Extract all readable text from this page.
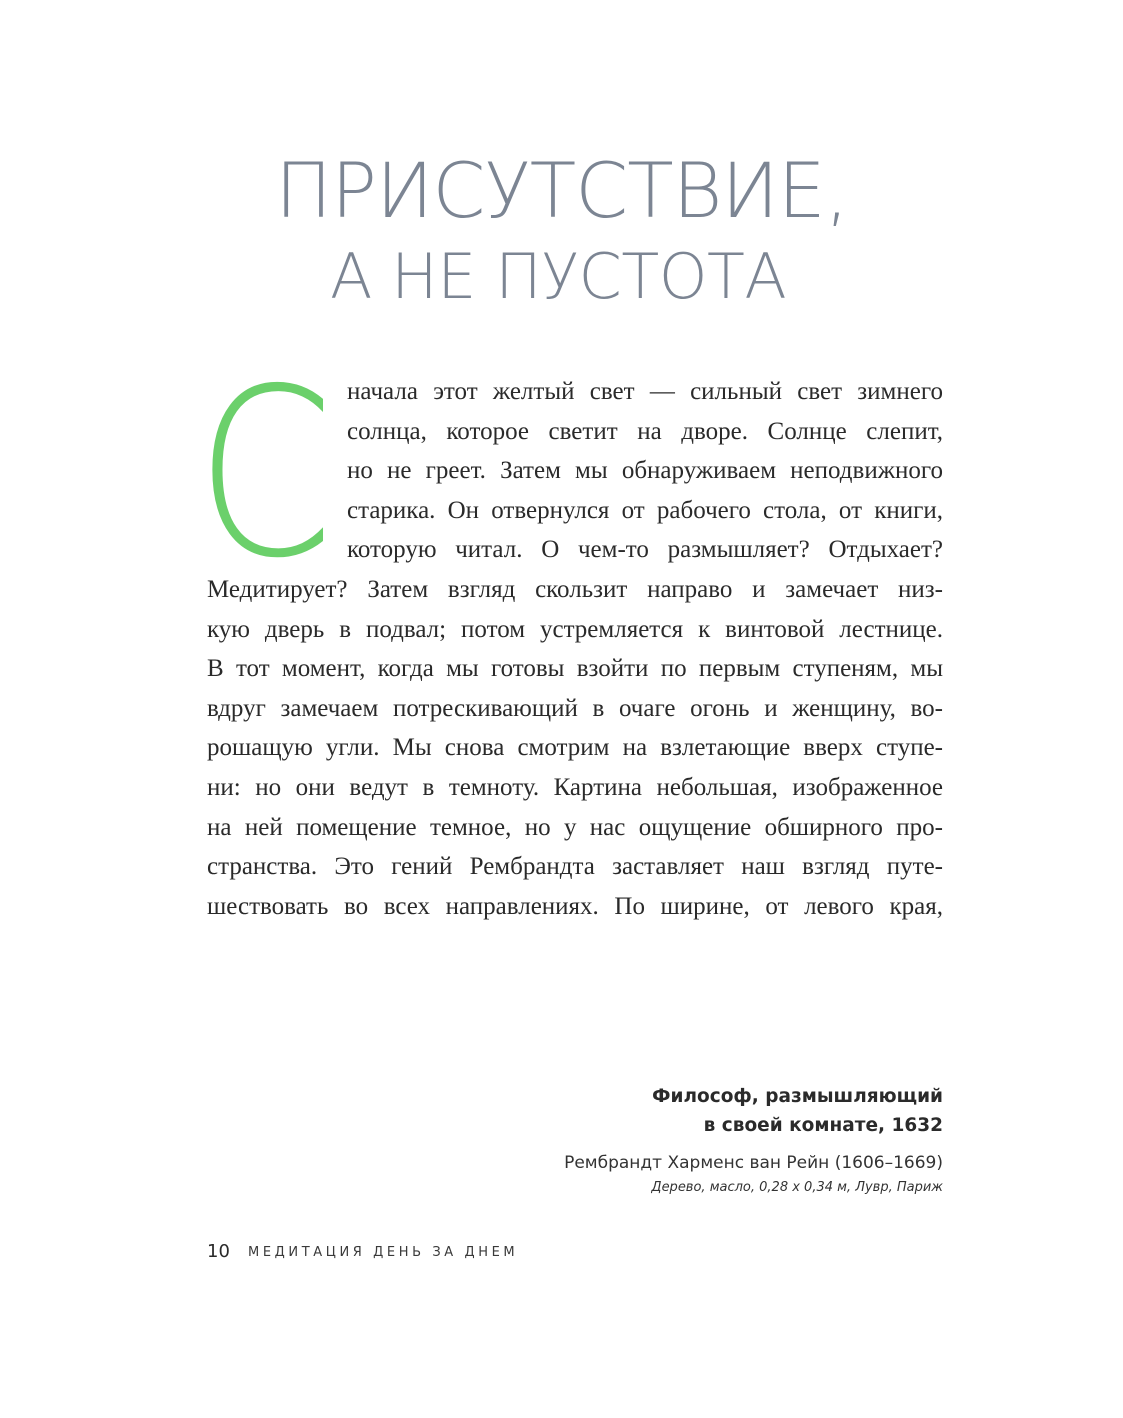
ПРИСУТСТВИЕ,
А НЕ ПУСТОТА
С начала этот желтый свет — сильный свет зимнего
солнца, которое светит на дворе. Солнце слепит,
но не греет. Затем мы обнаруживаем неподвижного
старика. Он отвернулся от рабочего стола, от книги,
которую читал. О чем-то размышляет? Отдыхает?
Медитирует? Затем взгляд скользит направо и замечает низ-
кую дверь в подвал; потом устремляется к винтовой лестнице.
В тот момент, когда мы готовы взойти по первым ступеням, мы
вдруг замечаем потрескивающий в очаге огонь и женщину, во-
рошащую угли. Мы снова смотрим на взлетающие вверх ступе-
ни: но они ведут в темноту. Картина небольшая, изображенное
на ней помещение темное, но у нас ощущение обширного про-
странства. Это гений Рембрандта заставляет наш взгляд путе-
шествовать во всех направлениях. По ширине, от левого края,
Философ, размышляющий
в своей комнате, 1632
Рембрандт Харменс ван Рейн (1606–1669)
Дерево, масло, 0,28 х 0,34 м, Лувр, Париж
10 МЕДИТАЦИЯ ДЕНЬ ЗА ДНЕМ
